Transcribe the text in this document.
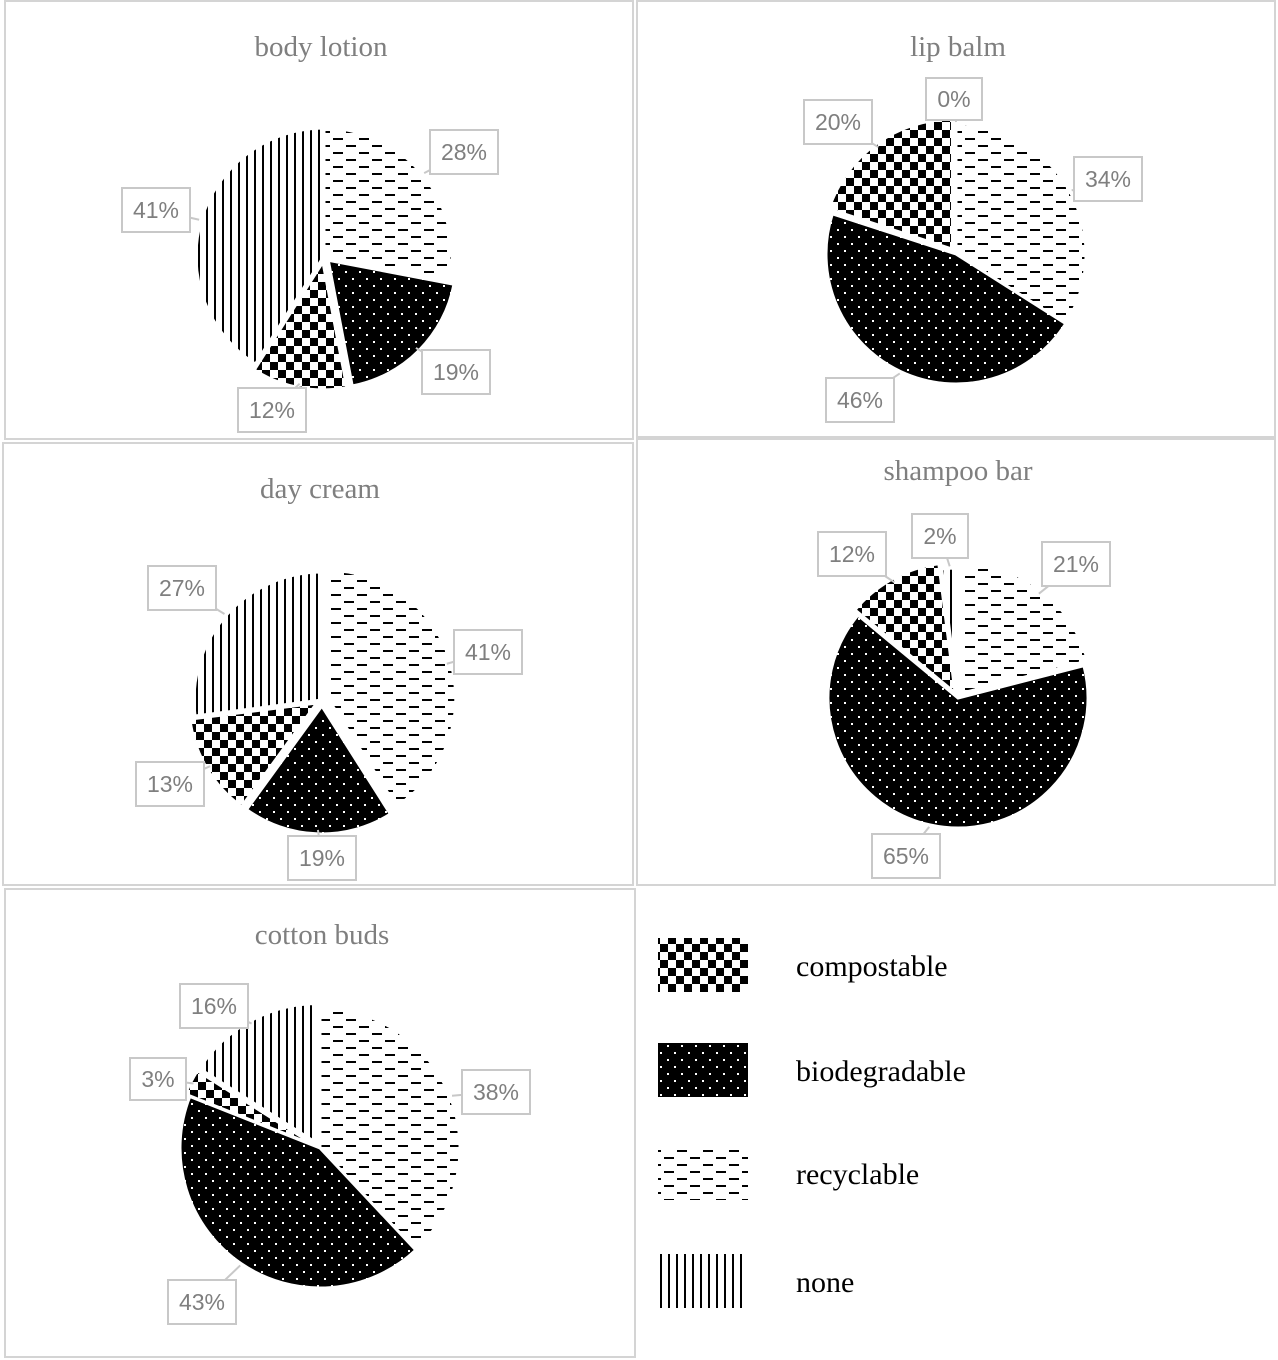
body lotion
28%
19%
12%
41%
lip balm
34%
46%
20%
0%
day cream
41%
19%
13%
27%
shampoo bar
21%
65%
12%
2%
cotton buds
38%
43%
3%
16%
compostable
biodegradable
recyclable
none
